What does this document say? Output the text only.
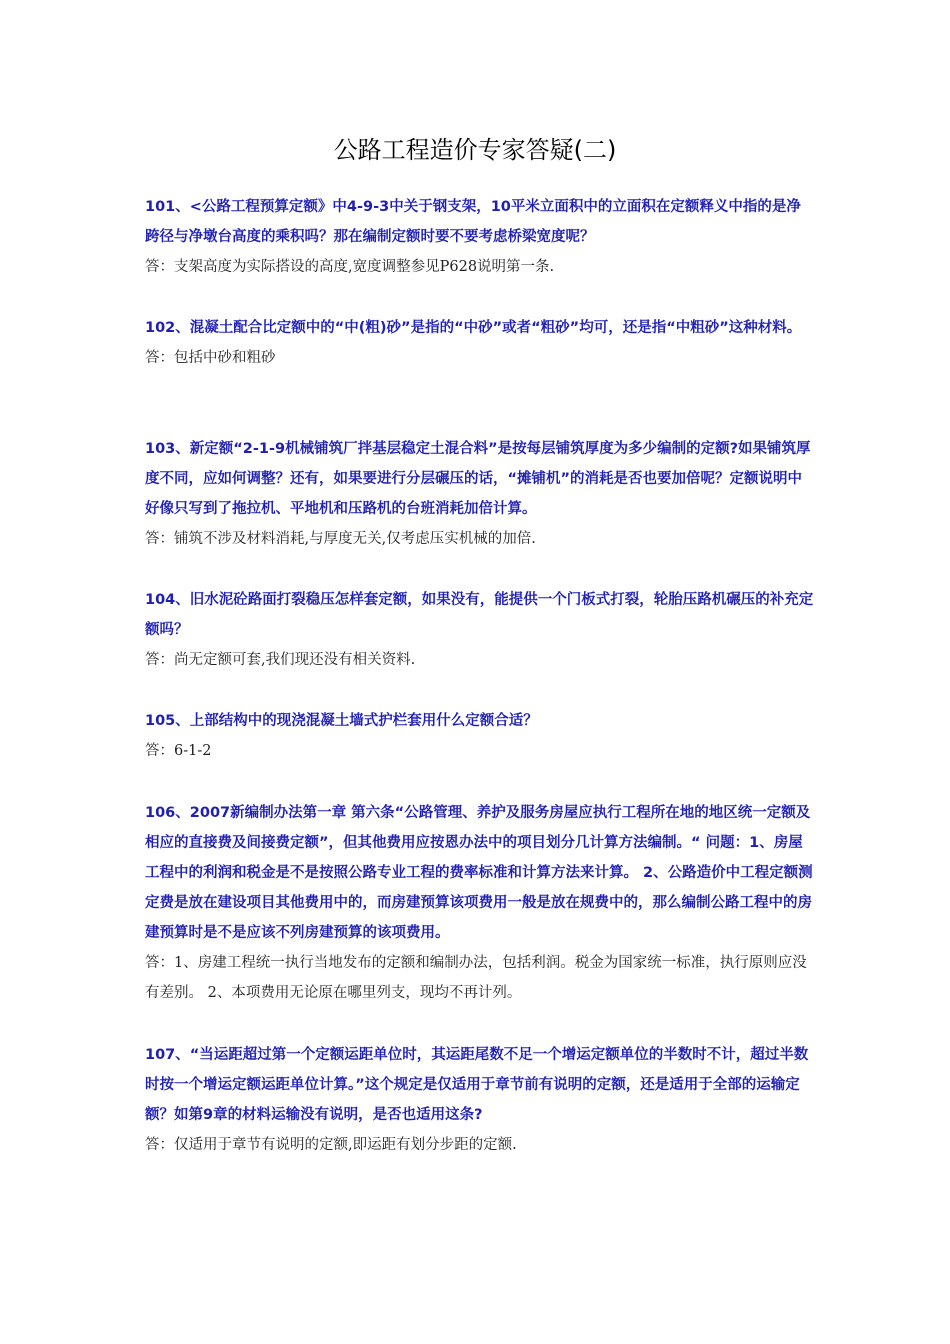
公路工程造价专家答疑(二)

101、<公路工程预算定额》中4-9-3中关于钢支架，10平米立面积中的立面积在定额释义中指的是净跨径与净墩台高度的乘积吗？那在编制定额时要不要考虑桥梁宽度呢？

答：支架高度为实际搭设的高度,宽度调整参见P628说明第一条.

102、混凝土配合比定额中的“中(粗)砂”是指的“中砂”或者“粗砂”均可，还是指“中粗砂”这种材料。

答：包括中砂和粗砂

103、新定额“2-1-9机械铺筑厂拌基层稳定土混合料”是按每层铺筑厚度为多少编制的定额?如果铺筑厚度不同，应如何调整？还有，如果要进行分层碾压的话，“摊铺机”的消耗是否也要加倍呢？定额说明中好像只写到了拖拉机、平地机和压路机的台班消耗加倍计算。

答：铺筑不涉及材料消耗,与厚度无关,仅考虑压实机械的加倍.

104、旧水泥砼路面打裂稳压怎样套定额，如果没有，能提供一个门板式打裂，轮胎压路机碾压的补充定额吗？

答：尚无定额可套,我们现还没有相关资料.

105、上部结构中的现浇混凝土墙式护栏套用什么定额合适？

答：6-1-2

106、2007新编制办法第一章 第六条“公路管理、养护及服务房屋应执行工程所在地的地区统一定额及相应的直接费及间接费定额”，但其他费用应按恩办法中的项目划分几计算方法编制。“ 问题：1、房屋工程中的利润和税金是不是按照公路专业工程的费率标准和计算方法来计算。 2、公路造价中工程定额测定费是放在建设项目其他费用中的，而房建预算该项费用一般是放在规费中的，那么编制公路工程中的房建预算时是不是应该不列房建预算的该项费用。

答：1、房建工程统一执行当地发布的定额和编制办法，包括利润。税金为国家统一标准，执行原则应没有差别。 2、本项费用无论原在哪里列支，现均不再计列。

107、“当运距超过第一个定额运距单位时，其运距尾数不足一个增运定额单位的半数时不计，超过半数时按一个增运定额运距单位计算。”这个规定是仅适用于章节前有说明的定额，还是适用于全部的运输定额？如第9章的材料运输没有说明，是否也适用这条?

答：仅适用于章节有说明的定额,即运距有划分步距的定额.
